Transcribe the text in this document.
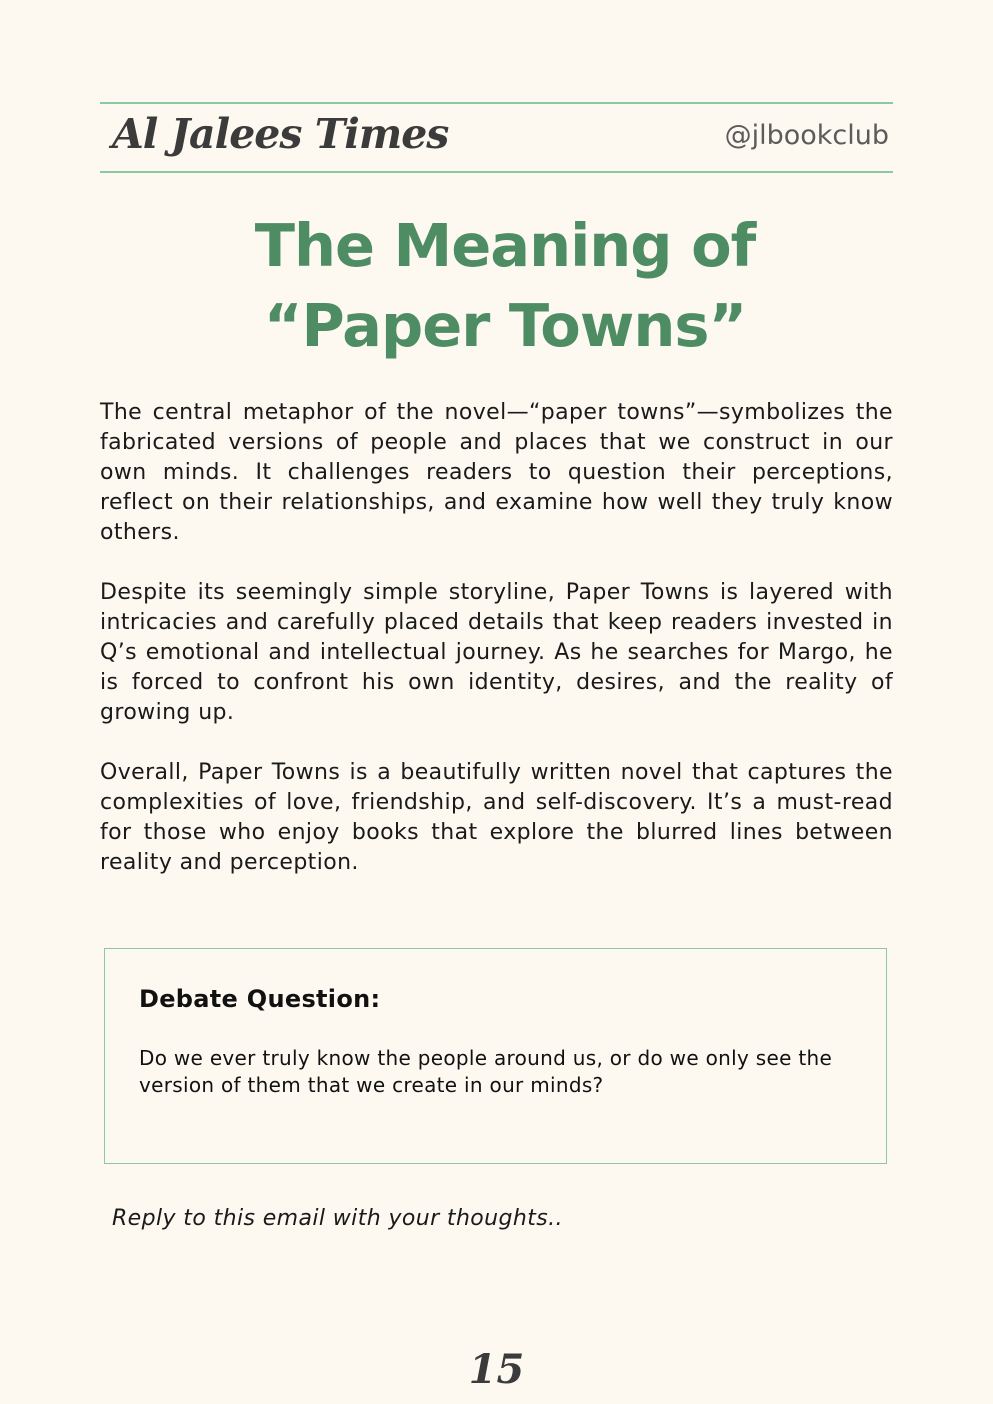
Al Jalees Times	@jlbookclub
The Meaning of
“Paper Towns”

The central metaphor of the novel—“paper towns”—symbolizes the fabricated versions of people and places that we construct in our own minds. It challenges readers to question their perceptions, reflect on their relationships, and examine how well they truly know others.

Despite its seemingly simple storyline, Paper Towns is layered with intricacies and carefully placed details that keep readers invested in Q’s emotional and intellectual journey. As he searches for Margo, he is forced to confront his own identity, desires, and the reality of growing up.

Overall, Paper Towns is a beautifully written novel that captures the complexities of love, friendship, and self-discovery. It’s a must-read for those who enjoy books that explore the blurred lines between reality and perception.

Debate Question:
Do we ever truly know the people around us, or do we only see the version of them that we create in our minds?
Reply to this email with your thoughts..
15
